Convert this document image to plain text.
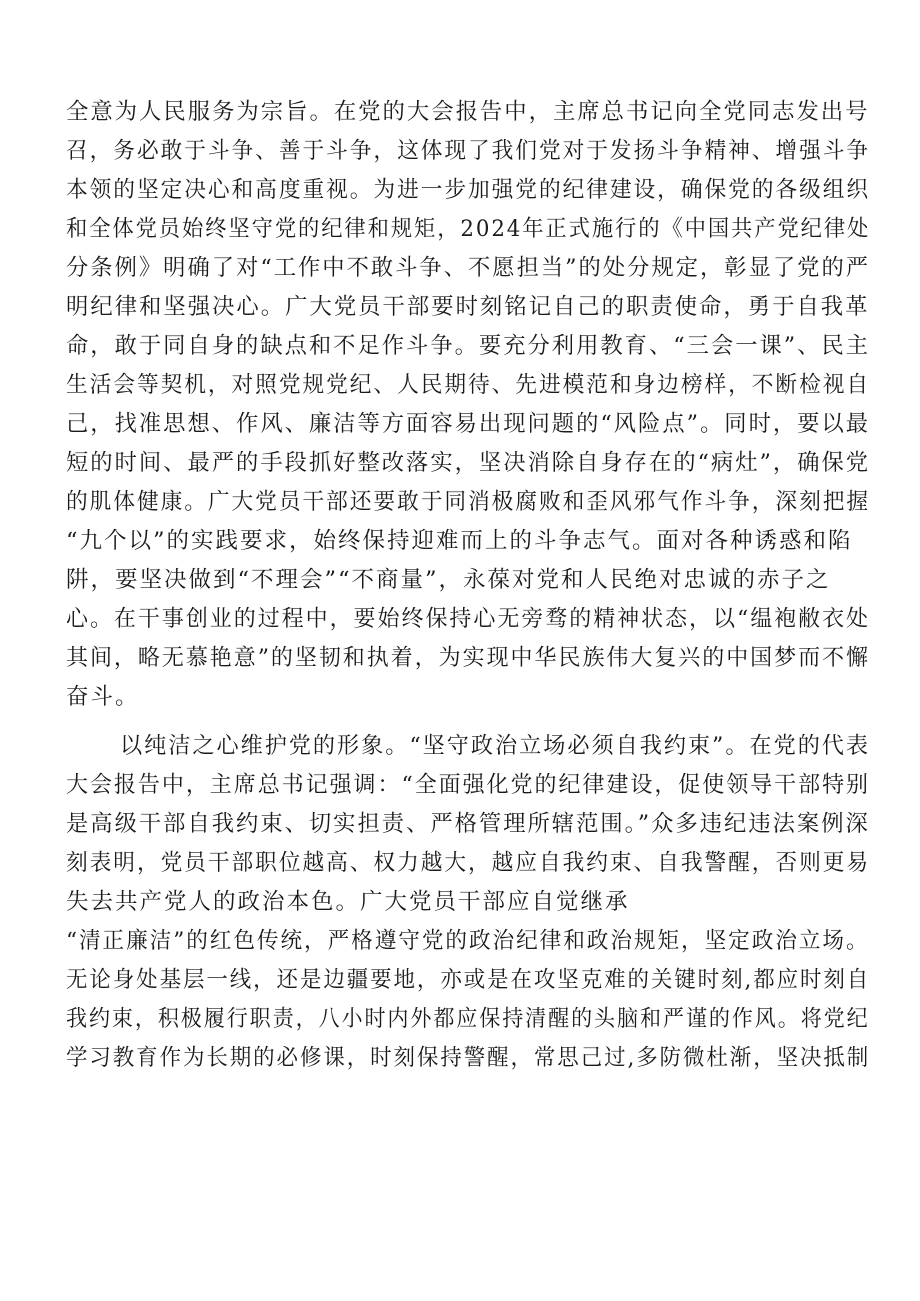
全意为人民服务为宗旨。在党的大会报告中，主席总书记向全党同志发出号
召，务必敢于斗争、善于斗争，这体现了我们党对于发扬斗争精神、增强斗争
本领的坚定决心和高度重视。为进一步加强党的纪律建设，确保党的各级组织
和全体党员始终坚守党的纪律和规矩，2024年正式施行的《中国共产党纪律处
分条例》明确了对“工作中不敢斗争、不愿担当”的处分规定，彰显了党的严
明纪律和坚强决心。广大党员干部要时刻铭记自己的职责使命，勇于自我革
命，敢于同自身的缺点和不足作斗争。要充分利用教育、“三会一课”、民主
生活会等契机，对照党规党纪、人民期待、先进模范和身边榜样，不断检视自
己，找准思想、作风、廉洁等方面容易出现问题的“风险点”。同时，要以最
短的时间、最严的手段抓好整改落实，坚决消除自身存在的“病灶”，确保党
的肌体健康。广大党员干部还要敢于同消极腐败和歪风邪气作斗争，深刻把握
“九个以”的实践要求，始终保持迎难而上的斗争志气。面对各种诱惑和陷
阱，要坚决做到“不理会”“不商量”，永葆对党和人民绝对忠诚的赤子之
心。在干事创业的过程中，要始终保持心无旁骛的精神状态，以“缊袍敝衣处
其间，略无慕艳意”的坚韧和执着，为实现中华民族伟大复兴的中国梦而不懈
奋斗。
以纯洁之心维护党的形象。“坚守政治立场必须自我约束”。在党的代表
大会报告中，主席总书记强调：“全面强化党的纪律建设，促使领导干部特别
是高级干部自我约束、切实担责、严格管理所辖范围。”众多违纪违法案例深
刻表明，党员干部职位越高、权力越大，越应自我约束、自我警醒，否则更易
失去共产党人的政治本色。广大党员干部应自觉继承
“清正廉洁”的红色传统，严格遵守党的政治纪律和政治规矩，坚定政治立场。
无论身处基层一线，还是边疆要地，亦或是在攻坚克难的关键时刻,都应时刻自
我约束，积极履行职责，八小时内外都应保持清醒的头脑和严谨的作风。将党纪
学习教育作为长期的必修课，时刻保持警醒，常思己过,多防微杜渐，坚决抵制
